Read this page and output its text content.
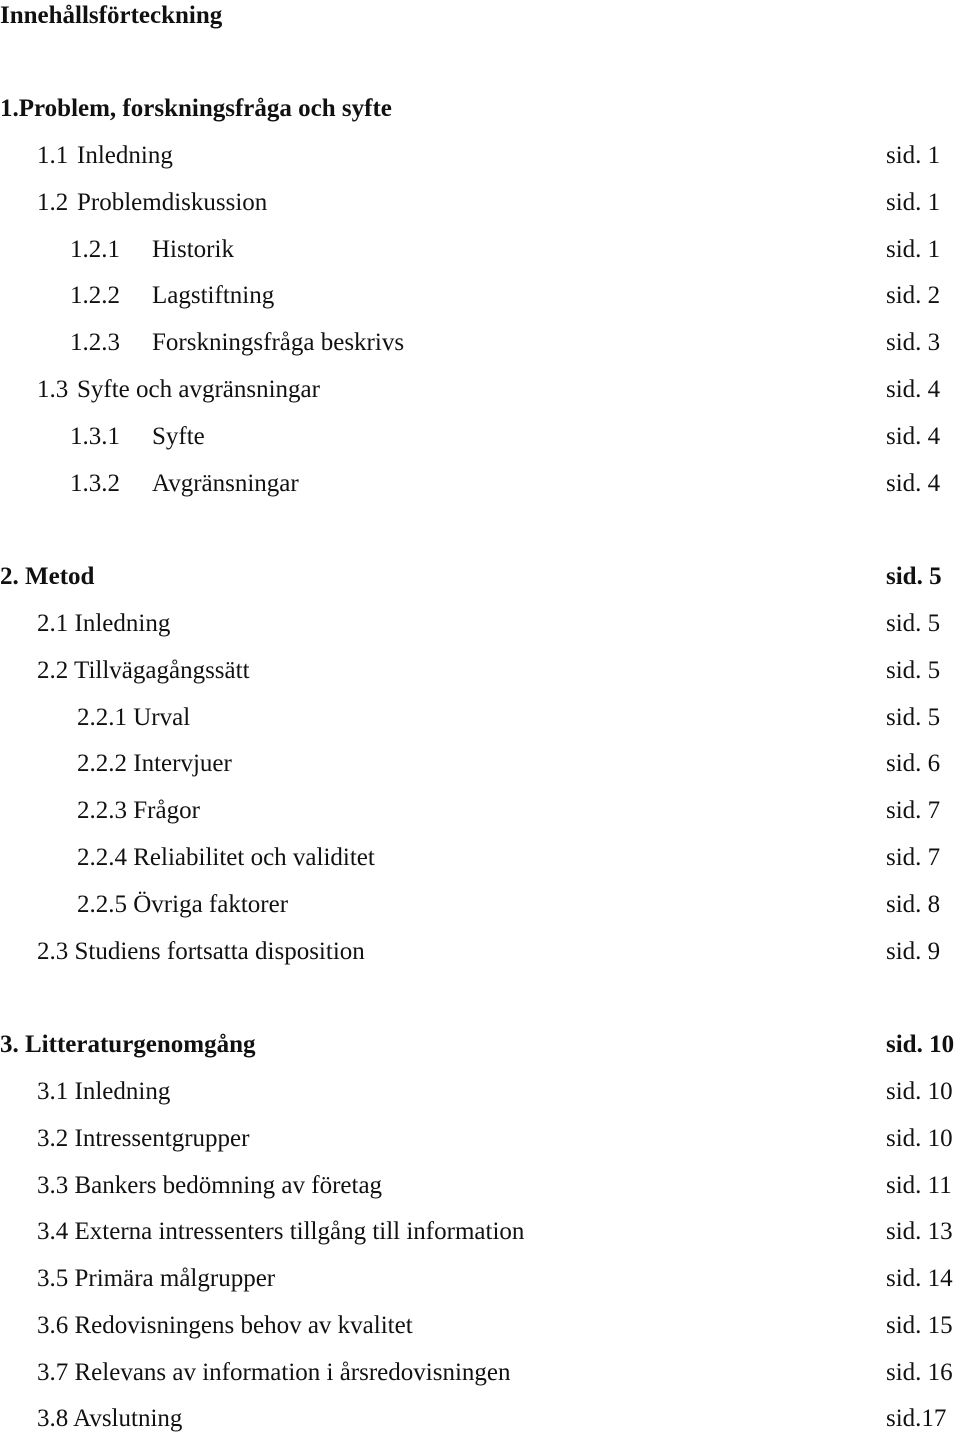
Innehållsförteckning
1.Problem, forskningsfråga och syfte
1.1 Inledning	sid. 1
1.2 Problemdiskussion	sid. 1
1.2.1 Historik	sid. 1
1.2.2 Lagstiftning	sid. 2
1.2.3 Forskningsfråga beskrivs	sid. 3
1.3 Syfte och avgränsningar	sid. 4
1.3.1 Syfte	sid. 4
1.3.2 Avgränsningar	sid. 4
2. Metod	sid. 5
2.1 Inledning	sid. 5
2.2 Tillvägagångssätt	sid. 5
2.2.1 Urval	sid. 5
2.2.2 Intervjuer	sid. 6
2.2.3 Frågor	sid. 7
2.2.4 Reliabilitet och validitet	sid. 7
2.2.5 Övriga faktorer	sid. 8
2.3 Studiens fortsatta disposition	sid. 9
3. Litteraturgenomgång	sid. 10
3.1 Inledning	sid. 10
3.2 Intressentgrupper	sid. 10
3.3 Bankers bedömning av företag	sid. 11
3.4 Externa intressenters tillgång till information	sid. 13
3.5 Primära målgrupper	sid. 14
3.6 Redovisningens behov av kvalitet	sid. 15
3.7 Relevans av information i årsredovisningen	sid. 16
3.8 Avslutning	sid.17
